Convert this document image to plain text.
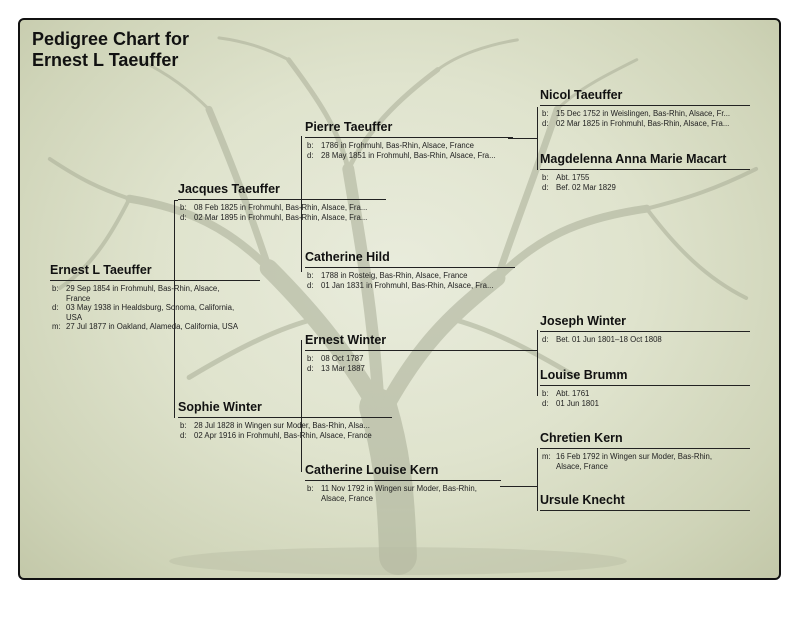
Pedigree Chart for
Ernest L Taeuffer
Ernest L Taeuffer
b: 29 Sep 1854 in Frohmuhl, Bas-Rhin, Alsace, France
d: 03 May 1938 in Healdsburg, Sonoma, California, USA
m: 27 Jul 1877 in Oakland, Alameda, California, USA
Jacques Taeuffer
b: 08 Feb 1825 in Frohmuhl, Bas-Rhin, Alsace, Fra...
d: 02 Mar 1895 in Frohmuhl, Bas-Rhin, Alsace, Fra...
Sophie Winter
b: 28 Jul 1828 in Wingen sur Moder, Bas-Rhin, Alsa...
d: 02 Apr 1916 in Frohmuhl, Bas-Rhin, Alsace, France
Pierre Taeuffer
b: 1786 in Frohmuhl, Bas-Rhin, Alsace, France
d: 28 May 1851 in Frohmuhl, Bas-Rhin, Alsace, Fra...
Catherine Hild
b: 1788 in Rosteig, Bas-Rhin, Alsace, France
d: 01 Jan 1831 in Frohmuhl, Bas-Rhin, Alsace, Fra...
Ernest Winter
b: 08 Oct 1787
d: 13 Mar 1887
Catherine Louise Kern
b: 11 Nov 1792 in Wingen sur Moder, Bas-Rhin, Alsace, France
Nicol Taeuffer
b: 15 Dec 1752 in Weislingen, Bas-Rhin, Alsace, Fr...
d: 02 Mar 1825 in Frohmuhl, Bas-Rhin, Alsace, Fra...
Magdelenna Anna Marie Macart
b: Abt. 1755
d: Bef. 02 Mar 1829
Joseph Winter
d: Bet. 01 Jun 1801–18 Oct 1808
Louise Brumm
b: Abt. 1761
d: 01 Jun 1801
Chretien Kern
m: 16 Feb 1792 in Wingen sur Moder, Bas-Rhin, Alsace, France
Ursule Knecht
